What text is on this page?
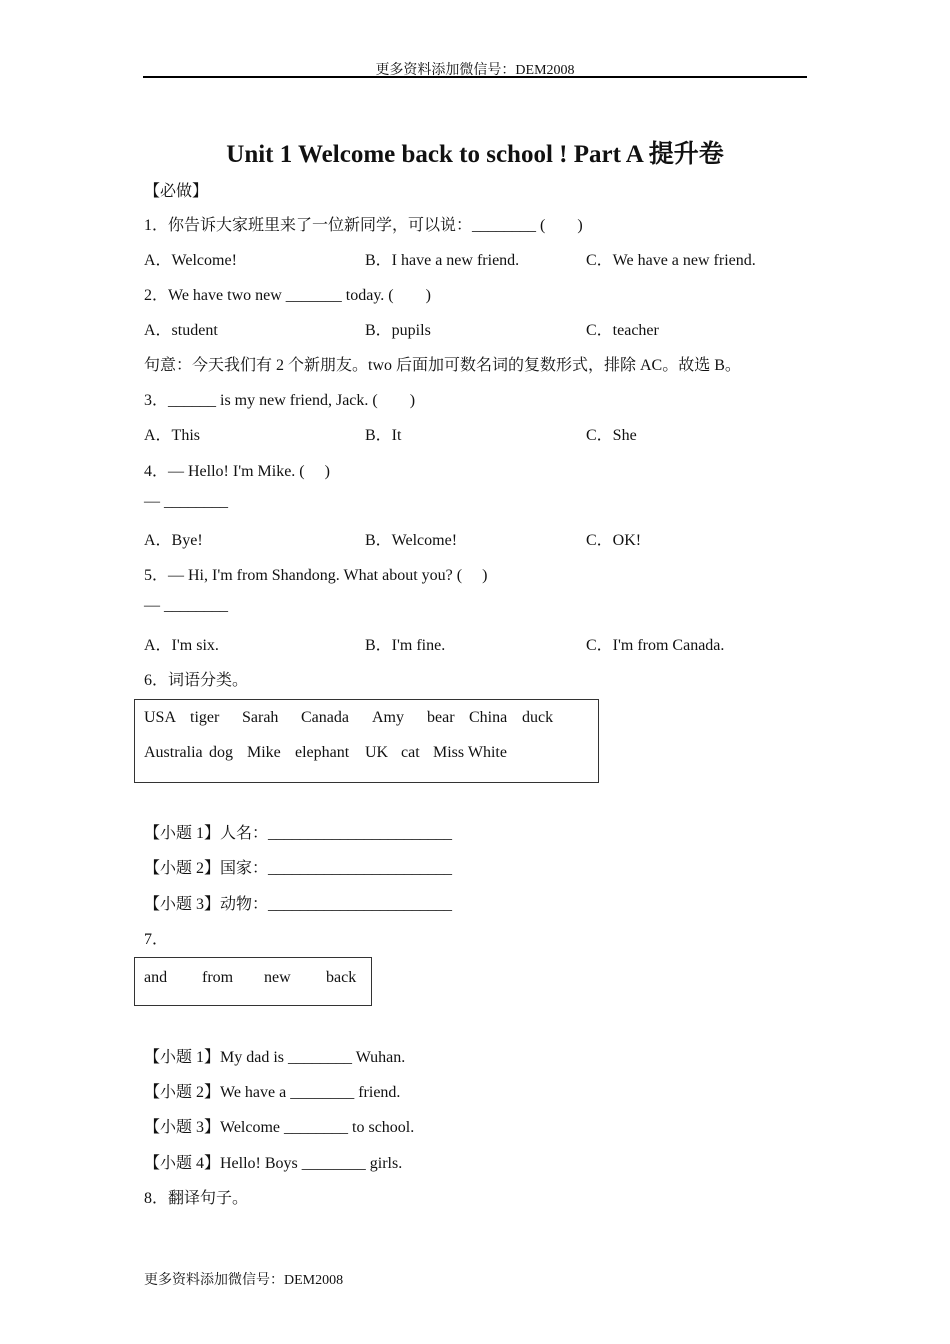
更多资料添加微信号：DEM2008
Unit 1 Welcome back to school ! Part A 提升卷
【必做】
1．你告诉大家班里来了一位新同学，可以说：________ (　　)
A．Welcome!	B．I have a new friend.	C．We have a new friend.
2．We have two new _______ today. (　　)
A．student	B．pupils	C．teacher
句意：今天我们有 2 个新朋友。two 后面加可数名词的复数形式，排除 AC。故选 B。
3．______ is my new friend, Jack. (　　)
A．This	B．It	C．She
4．— Hello! I'm Mike. (　 )
— ________
A．Bye!	B．Welcome!	C．OK!
5．— Hi, I'm from Shandong. What about you? (　 )
— ________
A．I'm six.	B．I'm fine.	C．I'm from Canada.
6．词语分类。
USA tiger Sarah Canada Amy bear China duck
Australia dog Mike elephant UK cat Miss White
【小题 1】人名：_______________________
【小题 2】国家：_______________________
【小题 3】动物：_______________________
7．
and from new back
【小题 1】My dad is ________ Wuhan.
【小题 2】We have a ________ friend.
【小题 3】Welcome ________ to school.
【小题 4】Hello! Boys ________ girls.
8．翻译句子。
更多资料添加微信号：DEM2008
